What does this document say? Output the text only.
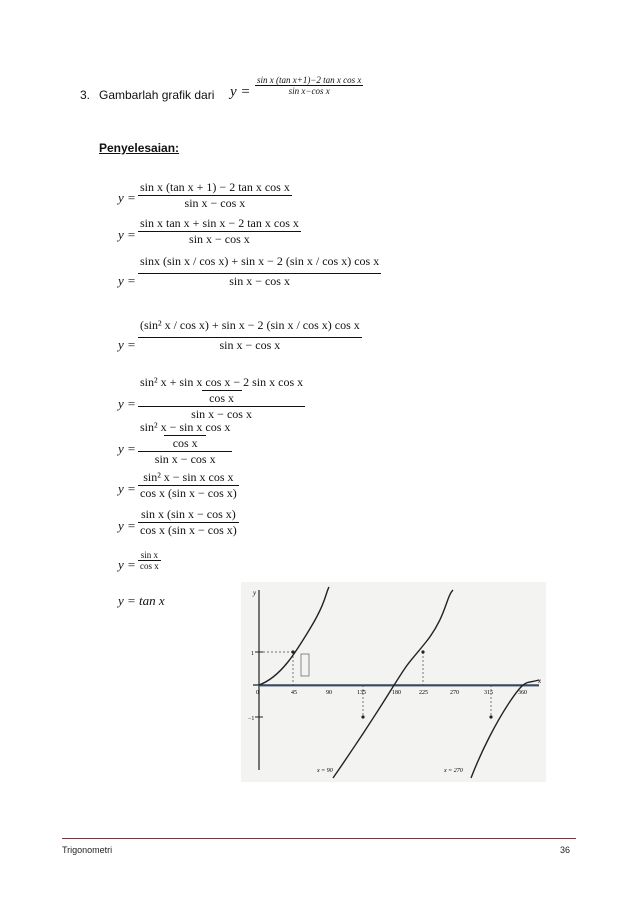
3. Gambarlah grafik dari y =
sin x (tan x+1)−2 tan x cos x
sin x−cos x
Penyelesaian:
y =
sin x (tan x + 1) − 2 tan x cos x
sin x − cos x
y =
sin x tan x + sin x − 2 tan x cos x
sin x − cos x
y =
sinx (sin x / cos x) + sin x − 2 (sin x / cos x) cos x
sin x − cos x
y =
(sin² x / cos x) + sin x − 2 (sin x / cos x) cos x
sin x − cos x
$y = \frac{\text{sin² x + sin x cos x − 2 sin x cos x}}{\text{cos x}}$
sin x − cos x
$y = \frac{\text{sin² x − sin x cos x}}{\text{cos x}}$
sin x − cos x
y =
sin² x − sin x cos x
cos x (sin x − cos x)
y =
sin x (sin x − cos x)
cos x (sin x − cos x)
y =
sin x
cos x
y = tan x	y
x
1
−1
0	45	90	135	180	225	270	315	360
x = 90	x = 270
Trigonometri	36
